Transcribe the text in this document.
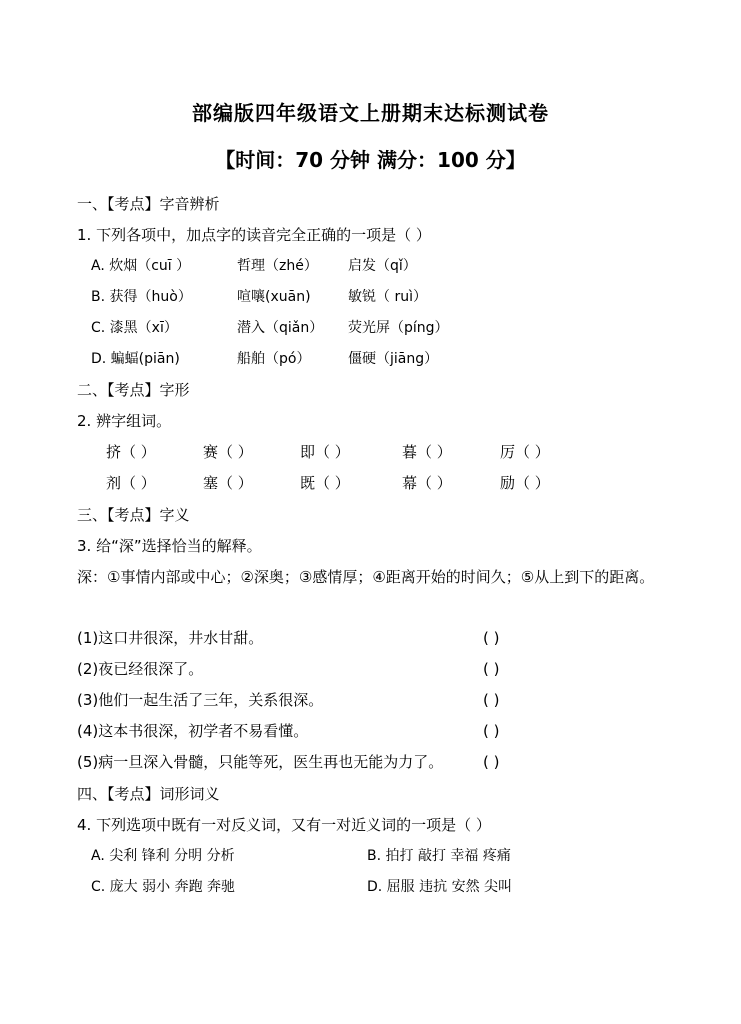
部编版四年级语文上册期末达标测试卷
【时间：70 分钟 满分：100 分】
一、【考点】字音辨析
1. 下列各项中，加点字的读音完全正确的一项是（ ）
A. 炊烟（cuī ）	哲理（zhé） 启发（qǐ）
B. 获得（huò）	喧嚷(xuān)	敏锐（ ruì）
C. 漆黑（xī）	潜入（qiǎn） 荧光屏（píng）
D. 蝙蝠(piān)	船舶（pó）	僵硬（jiāng）
二、【考点】字形
2. 辨字组词。
挤（ ）	赛（ ）	即（ ）	暮（ ）	厉（ ）
剂（ ）	塞（ ）	既（ ）	幕（ ）	励（ ）
三、【考点】字义
3. 给“深”选择恰当的解释。
深：①事情内部或中心；②深奥；③感情厚；④距离开始的时间久；⑤从上到下的距离。
(1)这口井很深，井水甘甜。	( )
(2)夜已经很深了。	( )
(3)他们一起生活了三年，关系很深。	( )
(4)这本书很深，初学者不易看懂。	( )
(5)病一旦深入骨髓，只能等死，医生再也无能为力了。	( )
四、【考点】词形词义
4. 下列选项中既有一对反义词，又有一对近义词的一项是（ ）
A. 尖利 锋利 分明 分析	B. 拍打 敲打 幸福 疼痛
C. 庞大 弱小 奔跑 奔驰	D. 屈服 违抗 安然 尖叫
